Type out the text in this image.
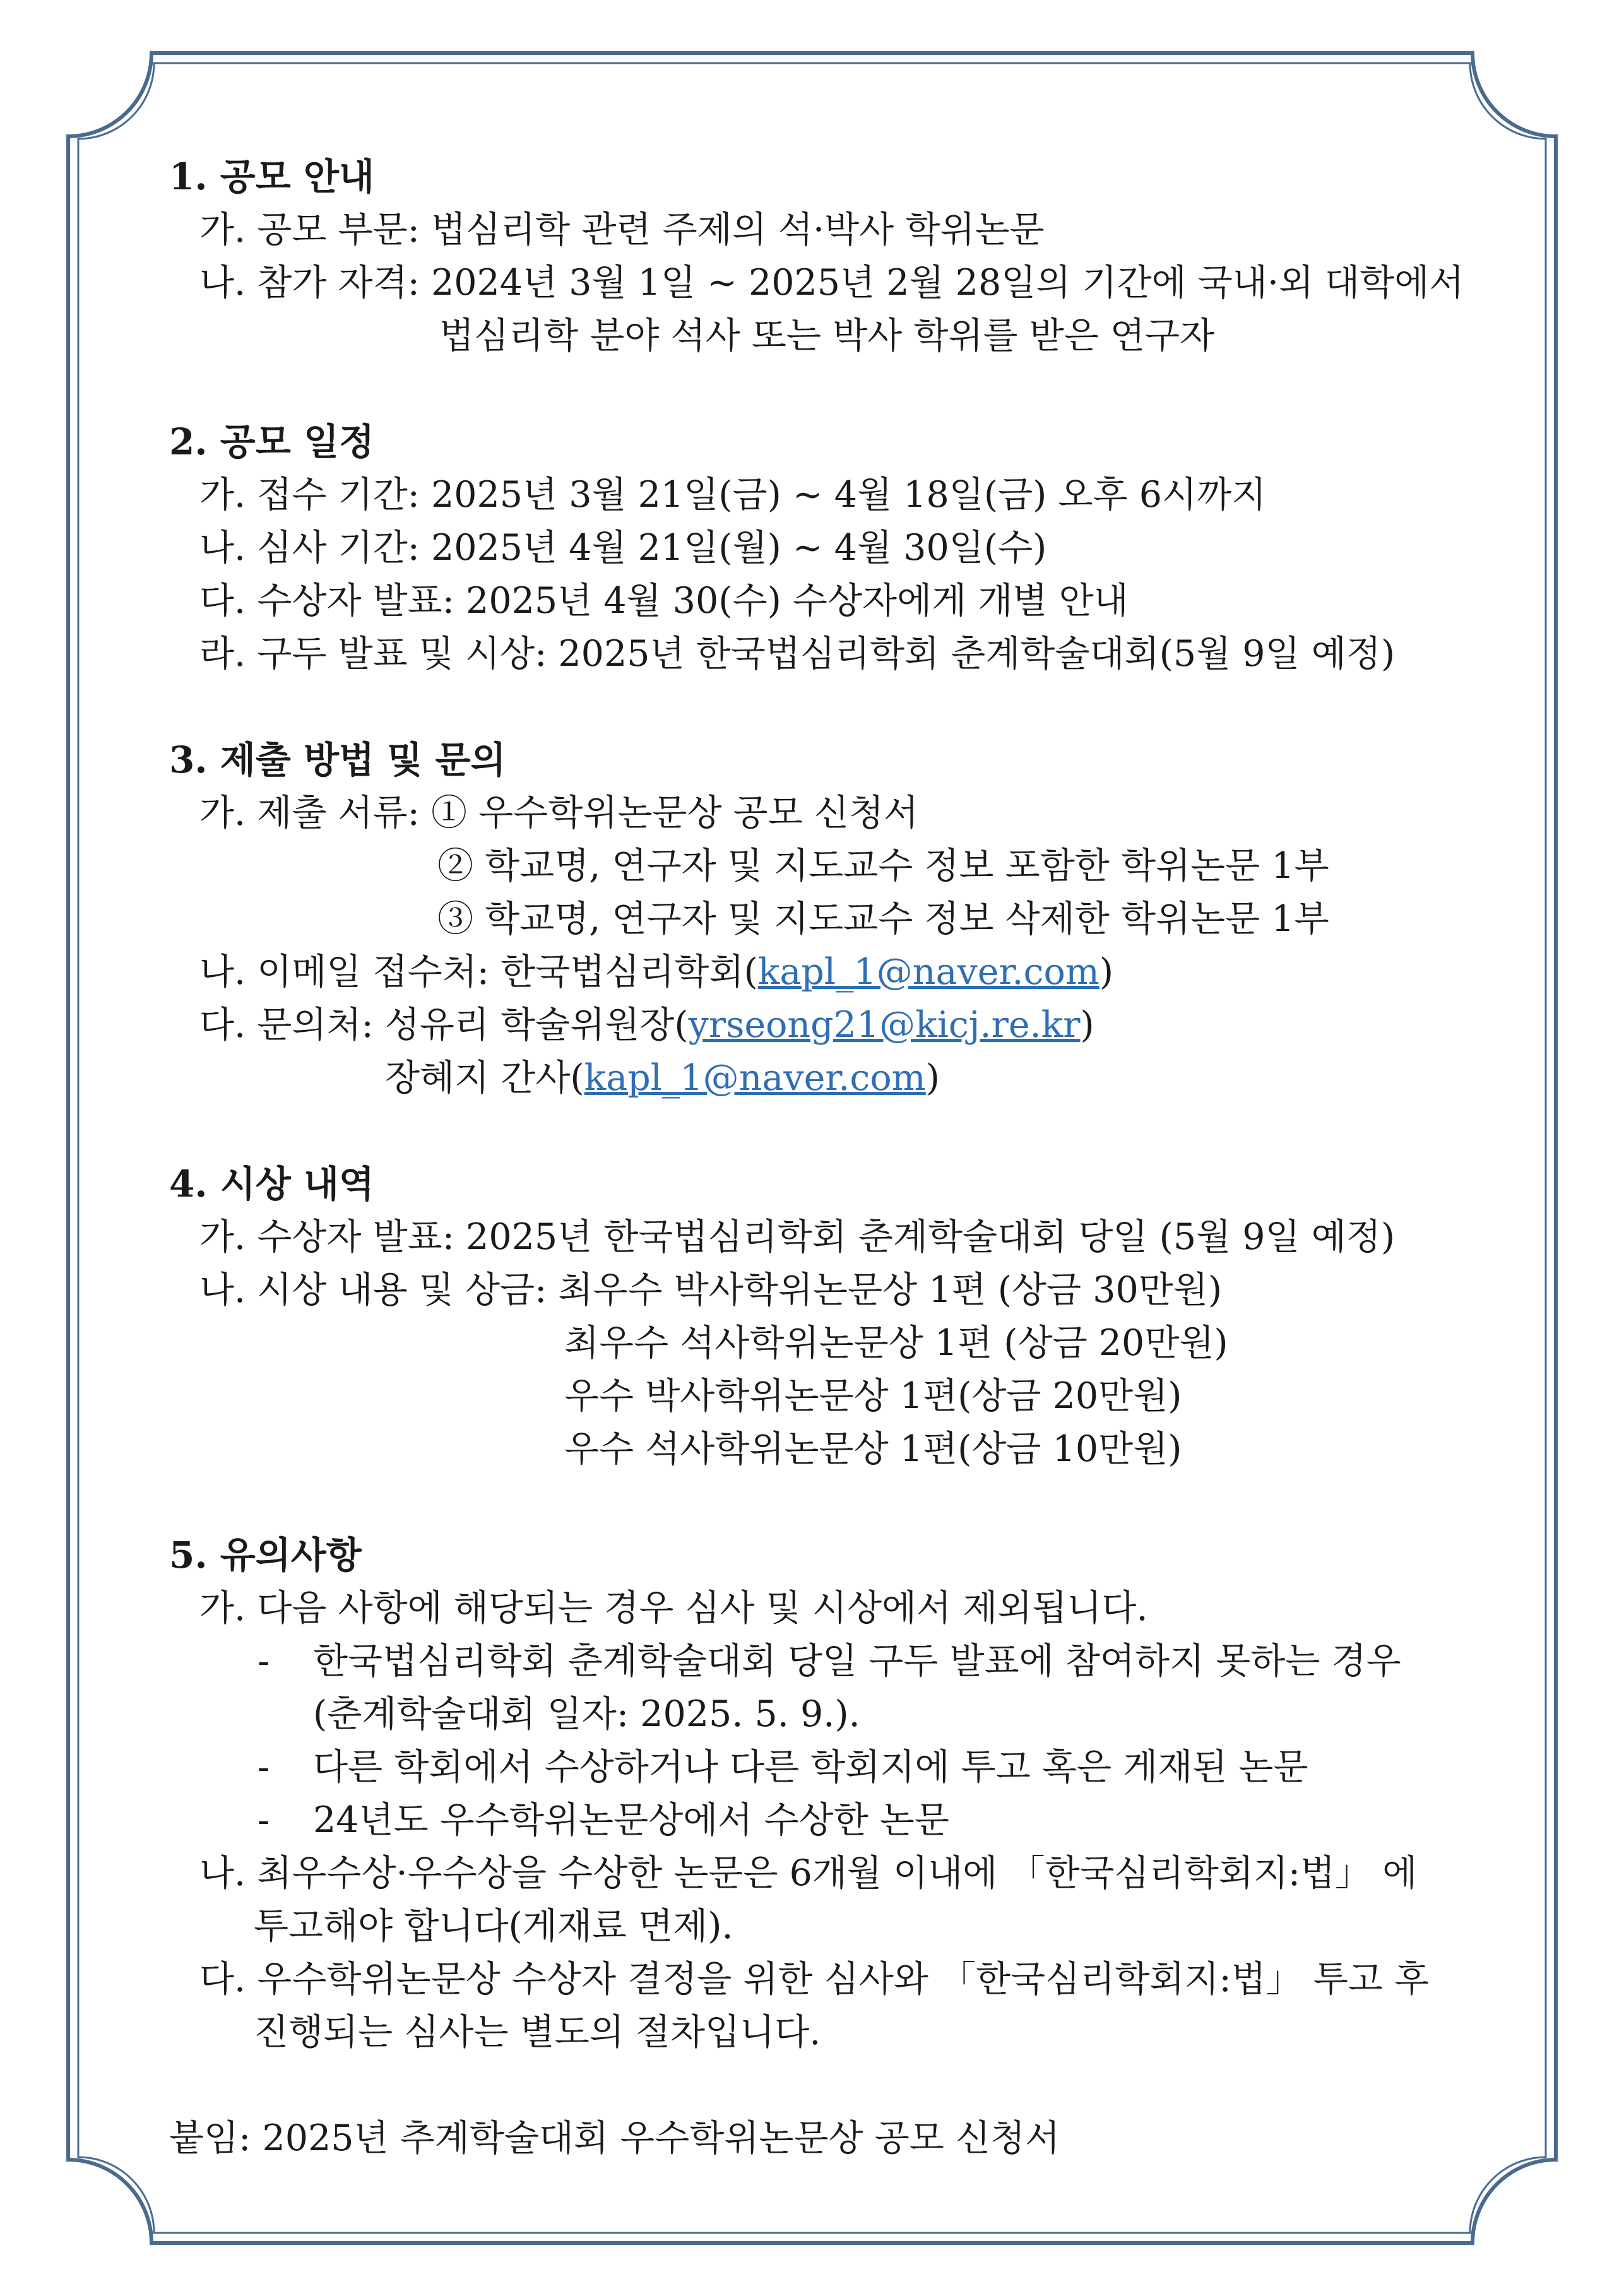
1. 공모 안내
가. 공모 부문: 법심리학 관련 주제의 석·박사 학위논문
나. 참가 자격: 2024년 3월 1일 ~ 2025년 2월 28일의 기간에 국내·외 대학에서
법심리학 분야 석사 또는 박사 학위를 받은 연구자
2. 공모 일정
가. 접수 기간: 2025년 3월 21일(금) ~ 4월 18일(금) 오후 6시까지
나. 심사 기간: 2025년 4월 21일(월) ~ 4월 30일(수)
다. 수상자 발표: 2025년 4월 30(수) 수상자에게 개별 안내
라. 구두 발표 및 시상: 2025년 한국법심리학회 춘계학술대회(5월 9일 예정)
3. 제출 방법 및 문의
가. 제출 서류: ① 우수학위논문상 공모 신청서
② 학교명, 연구자 및 지도교수 정보 포함한 학위논문 1부
③ 학교명, 연구자 및 지도교수 정보 삭제한 학위논문 1부
나. 이메일 접수처: 한국법심리학회(kapl_1@naver.com)
다. 문의처: 성유리 학술위원장(yrseong21@kicj.re.kr)
장혜지 간사(kapl_1@naver.com)
4. 시상 내역
가. 수상자 발표: 2025년 한국법심리학회 춘계학술대회 당일 (5월 9일 예정)
나. 시상 내용 및 상금: 최우수 박사학위논문상 1편 (상금 30만원)
최우수 석사학위논문상 1편 (상금 20만원)
우수 박사학위논문상 1편(상금 20만원)
우수 석사학위논문상 1편(상금 10만원)
5. 유의사항
가. 다음 사항에 해당되는 경우 심사 및 시상에서 제외됩니다.
- 한국법심리학회 춘계학술대회 당일 구두 발표에 참여하지 못하는 경우
(춘계학술대회 일자: 2025. 5. 9.).
- 다른 학회에서 수상하거나 다른 학회지에 투고 혹은 게재된 논문
- 24년도 우수학위논문상에서 수상한 논문
나. 최우수상·우수상을 수상한 논문은 6개월 이내에 「한국심리학회지:법」 에
투고해야 합니다(게재료 면제).
다. 우수학위논문상 수상자 결정을 위한 심사와 「한국심리학회지:법」 투고 후
진행되는 심사는 별도의 절차입니다.
붙임: 2025년 추계학술대회 우수학위논문상 공모 신청서
